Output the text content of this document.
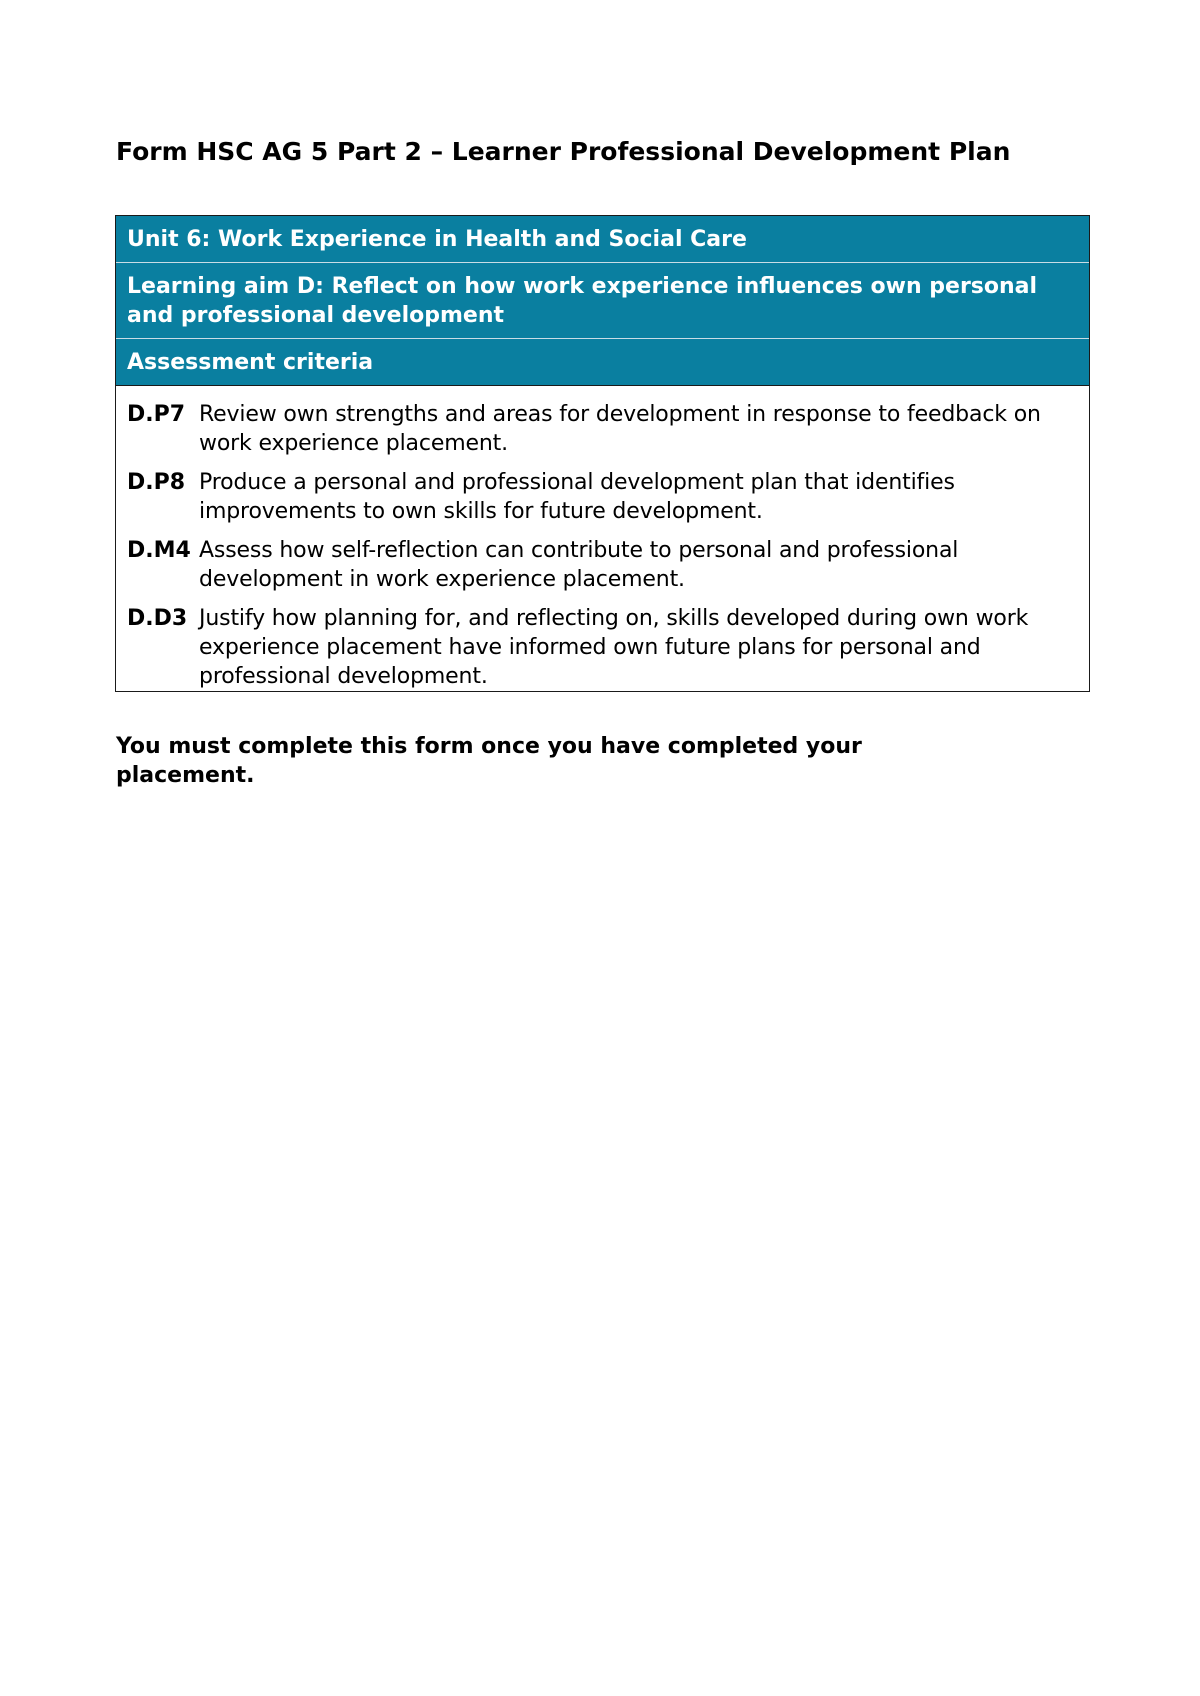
Form HSC AG 5 Part 2 – Learner Professional Development Plan
Unit 6: Work Experience in Health and Social Care
Learning aim D: Reflect on how work experience influences own personal and professional development
Assessment criteria
D.P7 Review own strengths and areas for development in response to feedback on work experience placement.
D.P8 Produce a personal and professional development plan that identifies improvements to own skills for future development.
D.M4 Assess how self-reflection can contribute to personal and professional development in work experience placement.
D.D3 Justify how planning for, and reflecting on, skills developed during own work experience placement have informed own future plans for personal and professional development.

You must complete this form once you have completed your placement.
